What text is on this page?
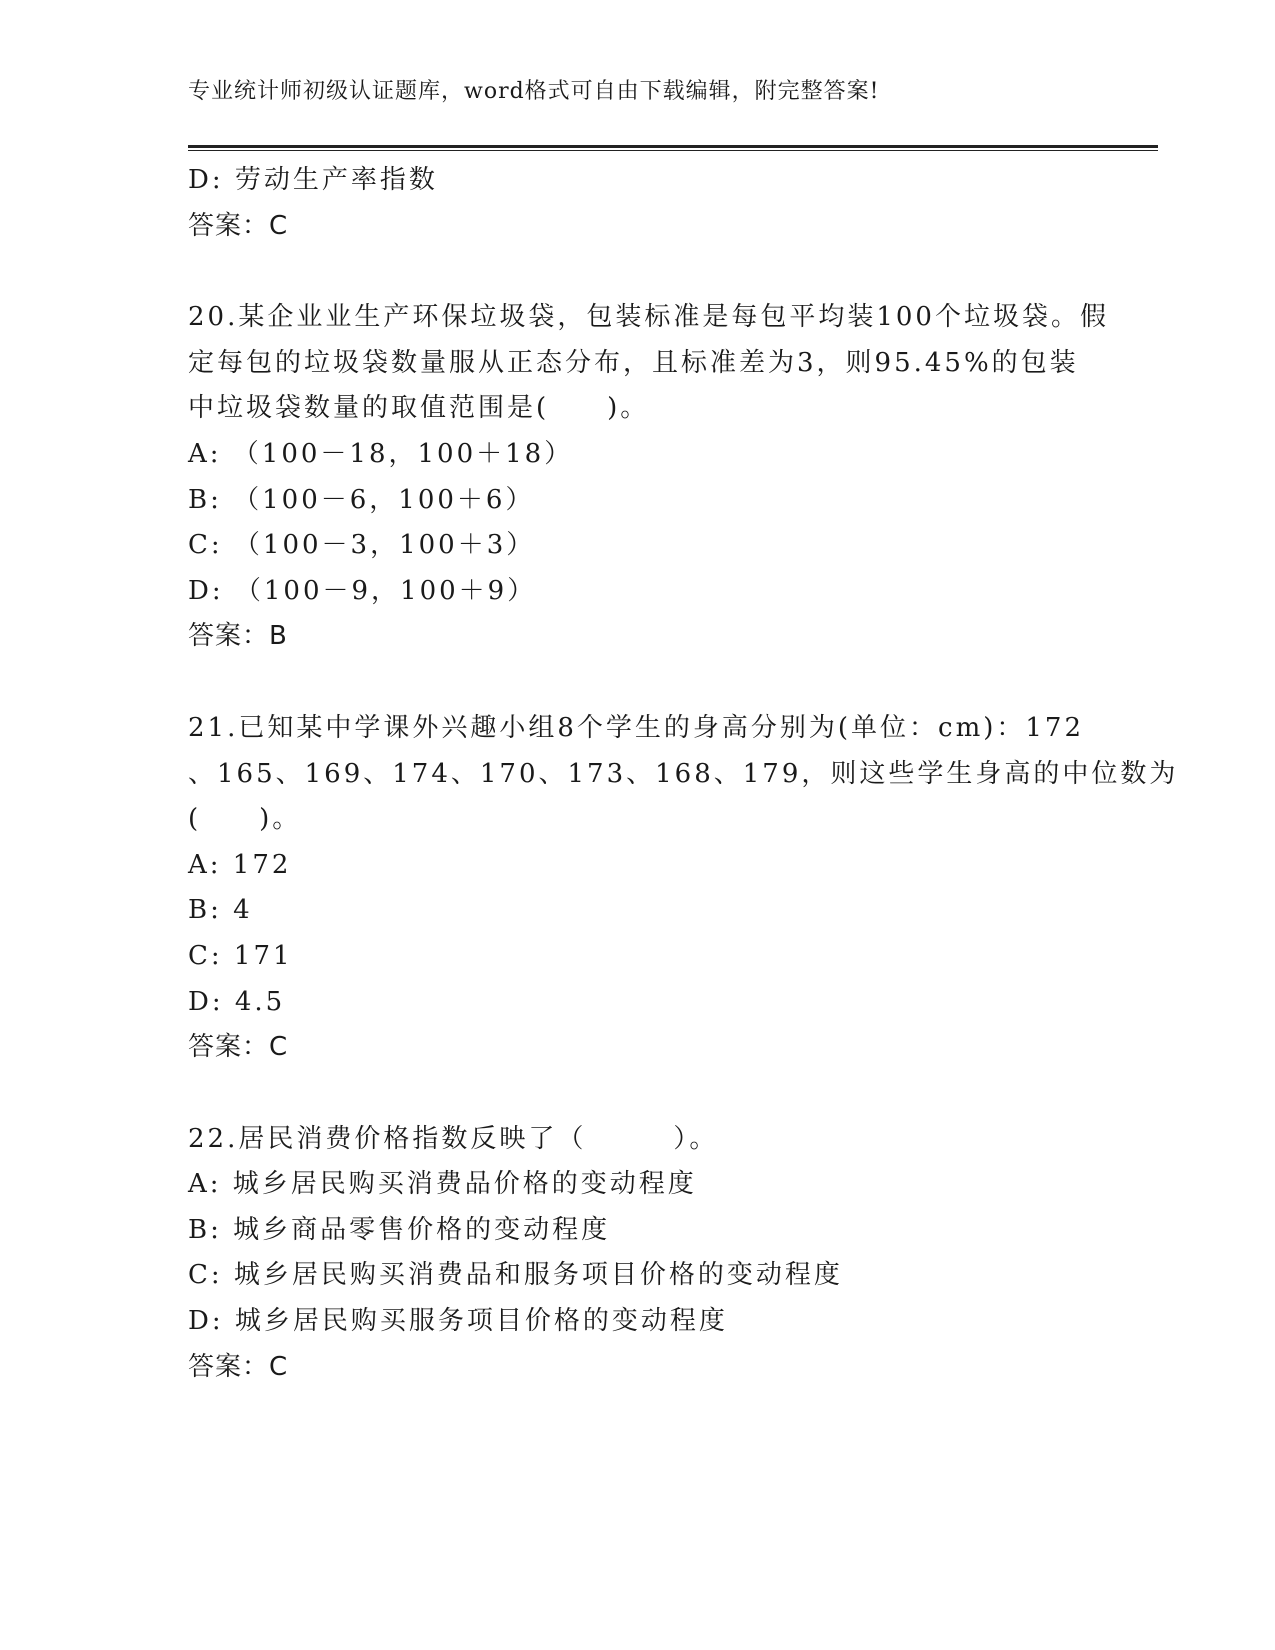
专业统计师初级认证题库，word格式可自由下载编辑，附完整答案!
D: 劳动生产率指数
答案：C
20.某企业业生产环保垃圾袋，包装标准是每包平均装100个垃圾袋。假
定每包的垃圾袋数量服从正态分布，且标准差为3，则95.45%的包装
中垃圾袋数量的取值范围是(　　)。
A: （100－18，100＋18）
B: （100－6，100＋6）
C: （100－3，100＋3）
D: （100－9，100＋9）
答案：B
21.已知某中学课外兴趣小组8个学生的身高分别为(单位：cm)：172
、165、169、174、170、173、168、179，则这些学生身高的中位数为
(　　)。
A: 172
B: 4
C: 171
D: 4.5
答案：C
22.居民消费价格指数反映了（　　　）。
A: 城乡居民购买消费品价格的变动程度
B: 城乡商品零售价格的变动程度
C: 城乡居民购买消费品和服务项目价格的变动程度
D: 城乡居民购买服务项目价格的变动程度
答案：C
